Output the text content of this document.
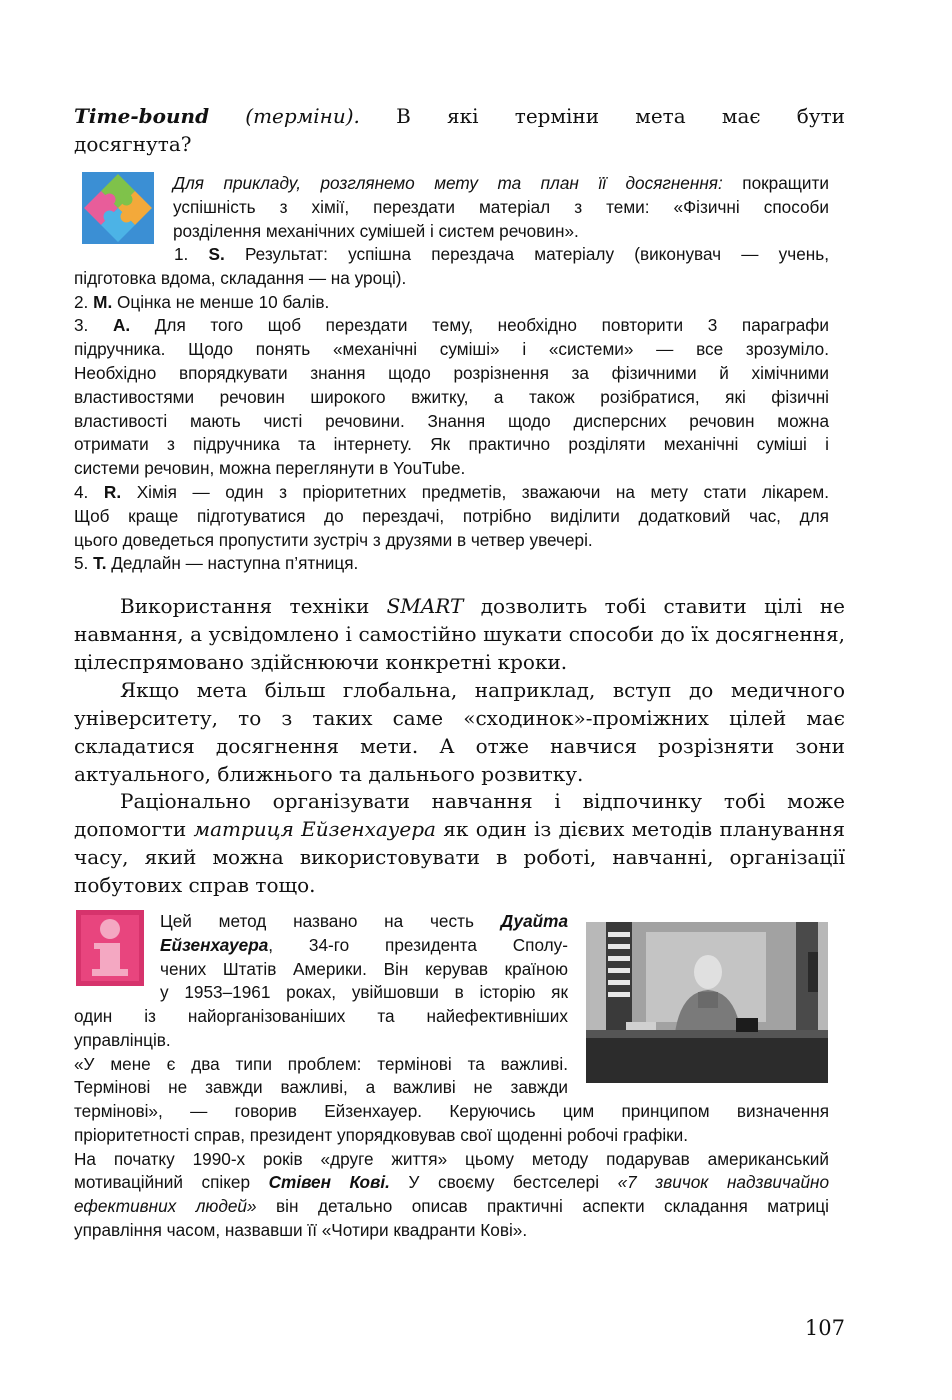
Time-bound (терміни). В які терміни мета має бути
досягнута?

Для прикладу, розглянемо мету та план її досягнення: покращити
успішність з хімії, перездати матеріал з теми: «Фізичні способи
розділення механічних сумішей і систем речовин».
1. S. Результат: успішна перездача матеріалу (виконувач — учень,
підготовка вдома, складання — на уроці).
2. M. Оцінка не менше 10 балів.
3. A. Для того щоб перездати тему, необхідно повторити 3 параграфи
підручника. Щодо понять «механічні суміші» і «системи» — все зрозуміло.
Необхідно впорядкувати знання щодо розрізнення за фізичними й хімічними
властивостями речовин широкого вжитку, а також розібратися, які фізичні
властивості мають чисті речовини. Знання щодо дисперсних речовин можна
отримати з підручника та інтернету. Як практично розділяти механічні суміші і
системи речовин, можна переглянути в YouTube.
4. R. Хімія — один з пріоритетних предметів, зважаючи на мету стати лікарем.
Щоб краще підготуватися до перездачі, потрібно виділити додатковий час, для
цього доведеться пропустити зустріч з друзями в четвер увечері.
5. T. Дедлайн — наступна п’ятниця.

Використання техніки SMART дозволить тобі ставити цілі не навмання, а усвідомлено і самостійно шукати способи до їх досягнення, цілеспрямовано здійснюючи конкретні кроки.

Якщо мета більш глобальна, наприклад, вступ до медичного університету, то з таких саме «сходинок»-проміжних цілей має складатися досягнення мети. А отже навчися розрізняти зони актуального, ближнього та дальнього розвитку.

Раціонально організувати навчання і відпочинку тобі може допомогти матриця Ейзенхауера як один із дієвих методів планування часу, який можна використовувати в роботі, навчанні, організації побутових справ тощо.

Цей метод названо на честь Дуайта
Ейзенхауера, 34-го президента Сполу-
чених Штатів Америки. Він керував країною
у 1953–1961 роках, увійшовши в історію як
один із найорганізованіших та найефективніших
управлінців.
«У мене є два типи проблем: термінові та важливі.
Термінові не завжди важливі, а важливі не завжди
термінові», — говорив Ейзенхауер. Керуючись цим принципом визначення
пріоритетності справ, президент упорядковував свої щоденні робочі графіки.
На початку 1990-х років «друге життя» цьому методу подарував американський
мотиваційний спікер Стівен Кові. У своєму бестселері «7 звичок надзвичайно
ефективних людей» він детально описав практичні аспекти складання матриці
управління часом, назвавши її «Чотири квадранти Кові».
107
